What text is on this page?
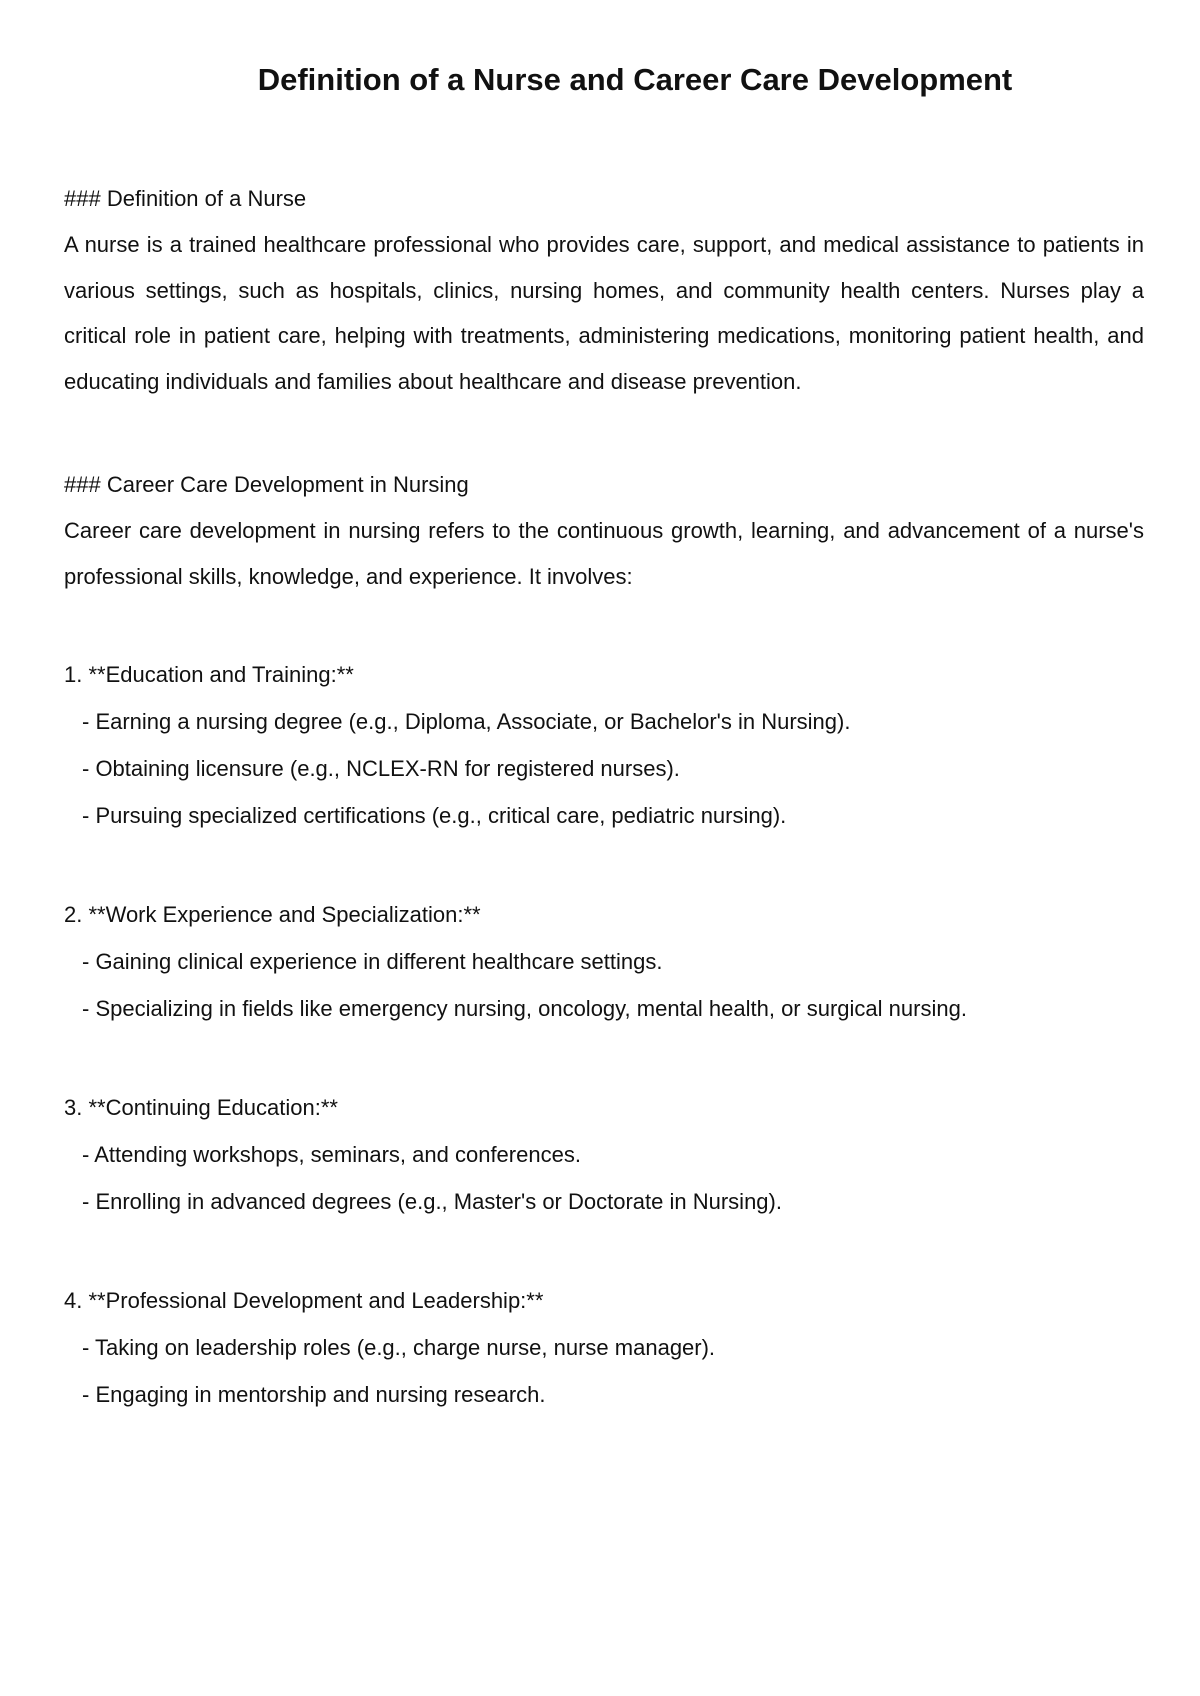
Definition of a Nurse and Career Care Development

### Definition of a Nurse

A nurse is a trained healthcare professional who provides care, support, and medical assistance to patients in various settings, such as hospitals, clinics, nursing homes, and community health centers. Nurses play a critical role in patient care, helping with treatments, administering medications, monitoring patient health, and educating individuals and families about healthcare and disease prevention.

### Career Care Development in Nursing

Career care development in nursing refers to the continuous growth, learning, and advancement of a nurse's professional skills, knowledge, and experience. It involves:

1. **Education and Training:**

- Earning a nursing degree (e.g., Diploma, Associate, or Bachelor's in Nursing).

- Obtaining licensure (e.g., NCLEX-RN for registered nurses).

- Pursuing specialized certifications (e.g., critical care, pediatric nursing).

2. **Work Experience and Specialization:**

- Gaining clinical experience in different healthcare settings.

- Specializing in fields like emergency nursing, oncology, mental health, or surgical nursing.

3. **Continuing Education:**

- Attending workshops, seminars, and conferences.

- Enrolling in advanced degrees (e.g., Master's or Doctorate in Nursing).

4. **Professional Development and Leadership:**

- Taking on leadership roles (e.g., charge nurse, nurse manager).

- Engaging in mentorship and nursing research.
